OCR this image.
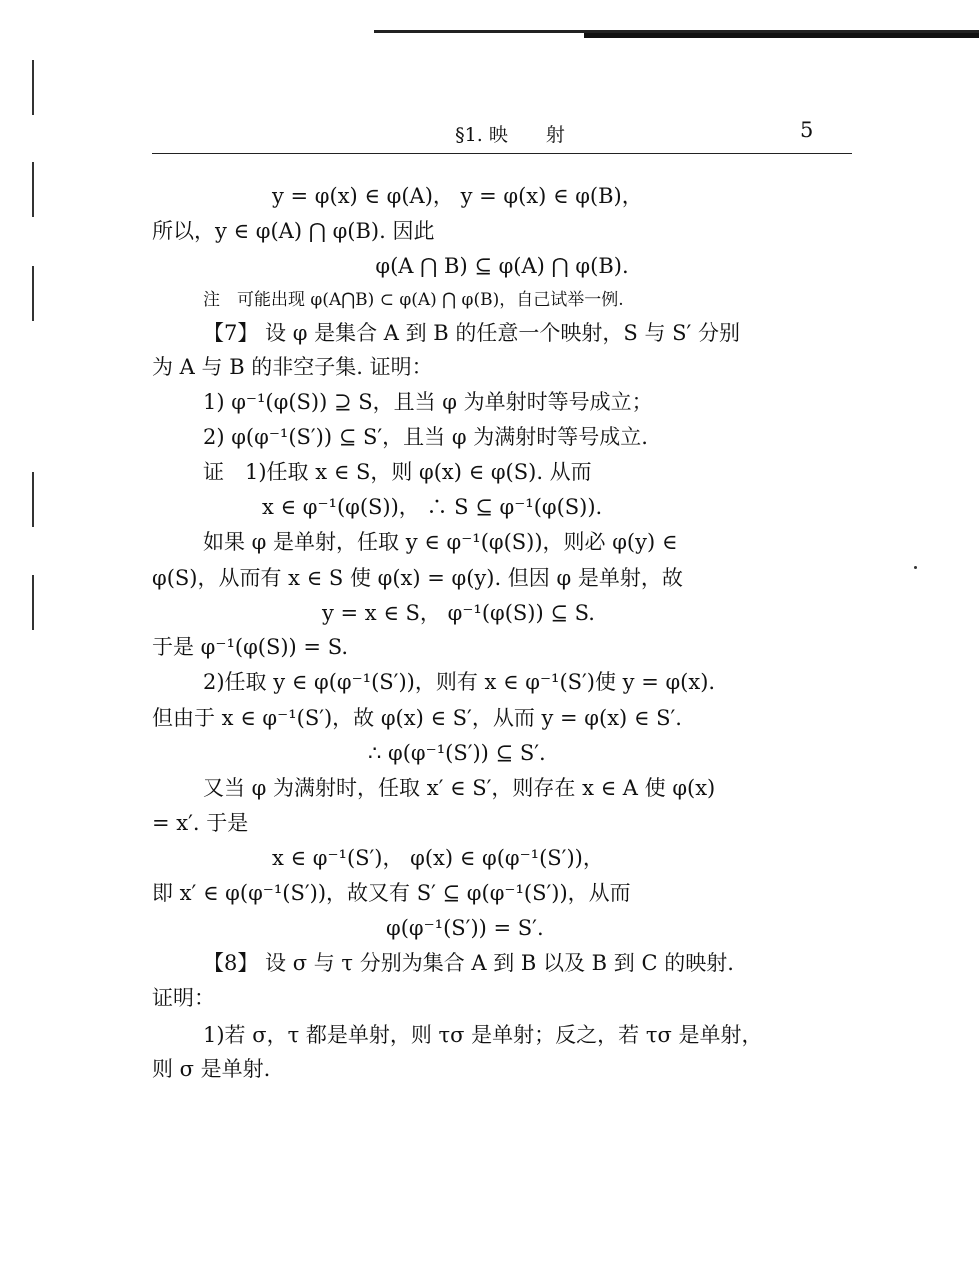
§1. 映　　射	5
y = φ(x) ∈ φ(A)， y = φ(x) ∈ φ(B)，
所以，y ∈ φ(A) ⋂ φ(B). 因此
φ(A ⋂ B) ⊆ φ(A) ⋂ φ(B).
注　可能出现 φ(A⋂B) ⊂ φ(A) ⋂ φ(B)，自己试举一例.
【7】 设 φ 是集合 A 到 B 的任意一个映射，S 与 S′ 分别
为 A 与 B 的非空子集. 证明：
1) φ⁻¹(φ(S)) ⊇ S，且当 φ 为单射时等号成立；
2) φ(φ⁻¹(S′)) ⊆ S′，且当 φ 为满射时等号成立.
证　1)任取 x ∈ S，则 φ(x) ∈ φ(S). 从而
x ∈ φ⁻¹(φ(S))， ∴ S ⊆ φ⁻¹(φ(S)).
如果 φ 是单射，任取 y ∈ φ⁻¹(φ(S))，则必 φ(y) ∈
φ(S)，从而有 x ∈ S 使 φ(x) = φ(y). 但因 φ 是单射，故
y = x ∈ S， φ⁻¹(φ(S)) ⊆ S.
于是 φ⁻¹(φ(S)) = S.
2)任取 y ∈ φ(φ⁻¹(S′))，则有 x ∈ φ⁻¹(S′)使 y = φ(x).
但由于 x ∈ φ⁻¹(S′)，故 φ(x) ∈ S′，从而 y = φ(x) ∈ S′.
∴ φ(φ⁻¹(S′)) ⊆ S′.
又当 φ 为满射时，任取 x′ ∈ S′，则存在 x ∈ A 使 φ(x)
= x′. 于是
x ∈ φ⁻¹(S′)， φ(x) ∈ φ(φ⁻¹(S′))，
即 x′ ∈ φ(φ⁻¹(S′))，故又有 S′ ⊆ φ(φ⁻¹(S′))，从而
φ(φ⁻¹(S′)) = S′.
【8】 设 σ 与 τ 分别为集合 A 到 B 以及 B 到 C 的映射.
证明：
1)若 σ，τ 都是单射，则 τσ 是单射；反之，若 τσ 是单射，
则 σ 是单射.
